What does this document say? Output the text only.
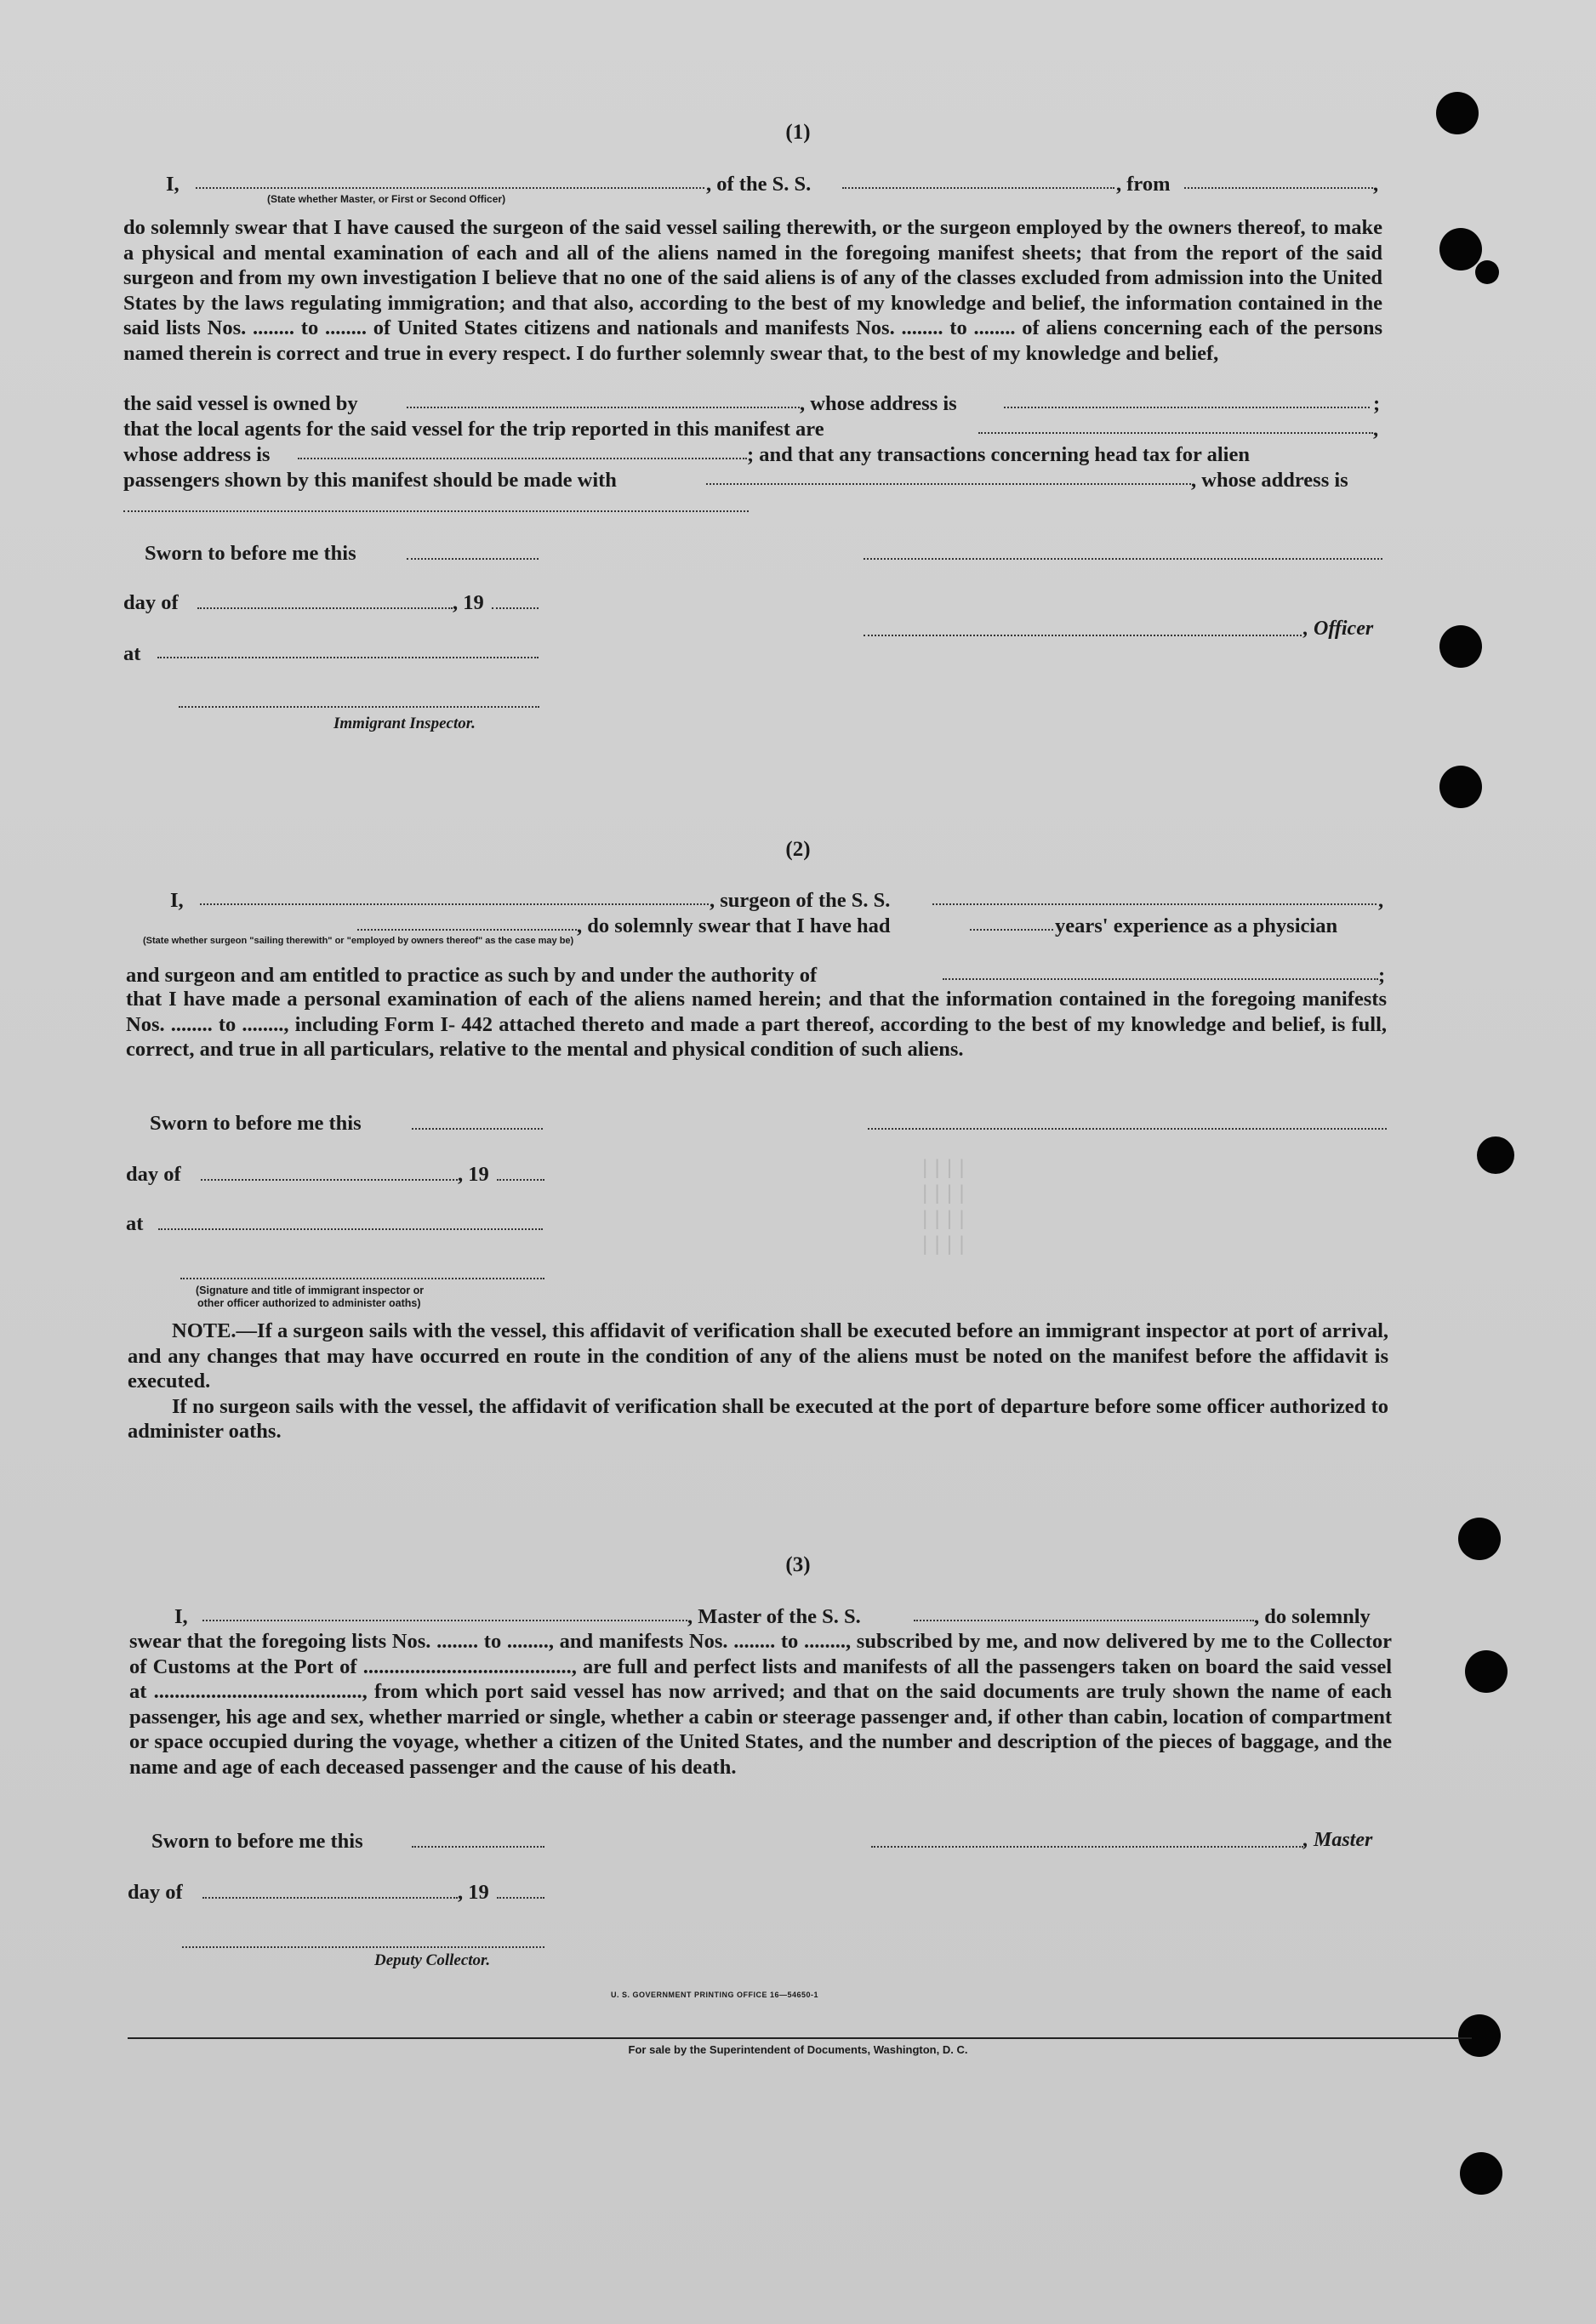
||||
||||
||||
||||
(1)
I,	, of the S. S.	, from	,
(State whether Master, or First or Second Officer)

do solemnly swear that I have caused the surgeon of the said vessel sailing therewith, or the surgeon employed by the owners thereof, to make a physical and mental examination of each and all of the aliens named in the foregoing manifest sheets; that from the report of the said surgeon and from my own investigation I believe that no one of the said aliens is of any of the classes excluded from admission into the United States by the laws regulating immigration; and that also, according to the best of my knowledge and belief, the information contained in the said lists Nos. ........ to ........ of United States citizens and nationals and manifests Nos. ........ to ........ of aliens concerning each of the persons named therein is correct and true in every respect. I do further solemnly swear that, to the best of my knowledge and belief,

the said vessel is owned by	, whose address is	;
that the local agents for the said vessel for the trip reported in this manifest are	,
whose address is	; and that any transactions concerning head tax for alien
passengers shown by this manifest should be made with	, whose address is
Sworn to before me this
day of	, 19
, Officer
at
Immigrant Inspector.
(2)
I,	, surgeon of the S. S.	,
, do solemnly swear that I have had	years' experience as a physician
(State whether surgeon "sailing therewith" or "employed by owners thereof" as the case may be)
and surgeon and am entitled to practice as such by and under the authority of	;

that I have made a personal examination of each of the aliens named herein; and that the information contained in the foregoing manifests Nos. ........ to ........, including Form I- 442 attached thereto and made a part thereof, according to the best of my knowledge and belief, is full, correct, and true in all particulars, relative to the mental and physical condition of such aliens.

Sworn to before me this
day of	, 19
at
(Signature and title of immigrant inspector or
other officer authorized to administer oaths)

NOTE.—If a surgeon sails with the vessel, this affidavit of verification shall be executed before an immigrant inspector at port of arrival, and any changes that may have occurred en route in the condition of any of the aliens must be noted on the manifest before the affidavit is executed.

If no surgeon sails with the vessel, the affidavit of verification shall be executed at the port of departure before some officer authorized to administer oaths.

(3)
I,	, Master of the S. S.	, do solemnly

swear that the foregoing lists Nos. ........ to ........, and manifests Nos. ........ to ........, subscribed by me, and now delivered by me to the Collector of Customs at the Port of ........................................, are full and perfect lists and manifests of all the passengers taken on board the said vessel at ........................................, from which port said vessel has now arrived; and that on the said documents are truly shown the name of each passenger, his age and sex, whether married or single, whether a cabin or steerage passenger and, if other than cabin, location of compartment or space occupied during the voyage, whether a citizen of the United States, and the number and description of the pieces of baggage, and the name and age of each deceased passenger and the cause of his death.

Sworn to before me this	, Master
day of	, 19
Deputy Collector.
U. S. GOVERNMENT PRINTING OFFICE 16—54650-1
For sale by the Superintendent of Documents, Washington, D. C.
